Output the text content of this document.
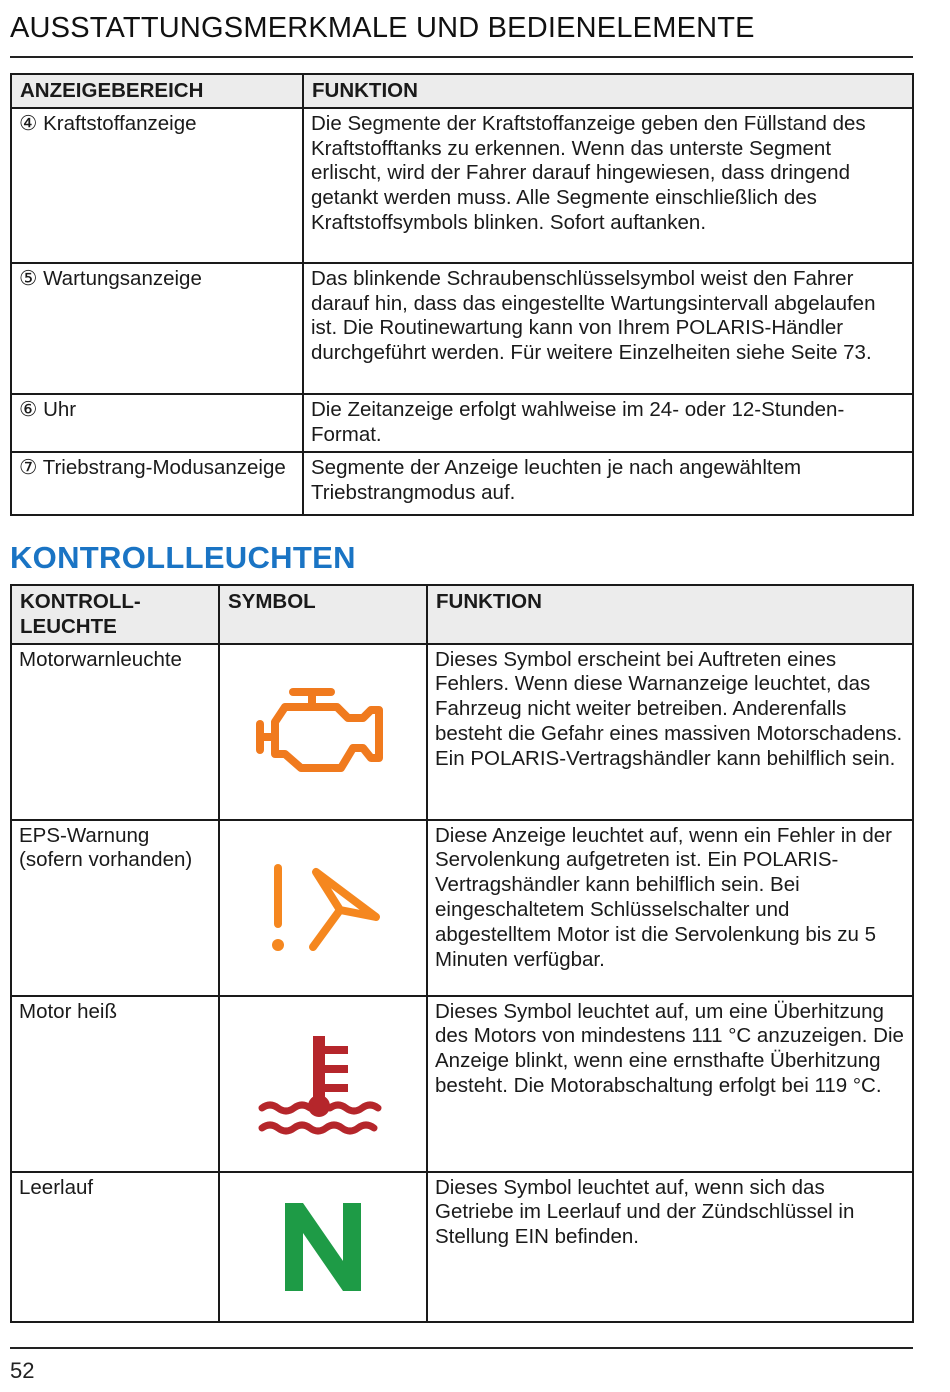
AUSSTATTUNGSMERKMALE UND BEDIENELEMENTE
ANZEIGEBEREICH	FUNKTION
④ Kraftstoffanzeige	Die Segmente der Kraftstoffanzeige geben den Füllstand des Kraftstofftanks zu erkennen. Wenn das unterste Segment erlischt, wird der Fahrer darauf hingewiesen, dass dringend getankt werden muss. Alle Segmente einschließlich des Kraftstoffsymbols blinken. Sofort auftanken.
⑤ Wartungsanzeige	Das blinkende Schraubenschlüsselsymbol weist den Fahrer darauf hin, dass das eingestellte Wartungsintervall abgelaufen ist. Die Routinewartung kann von Ihrem POLARIS-Händler durchgeführt werden. Für weitere Einzelheiten siehe Seite 73.
⑥ Uhr	Die Zeitanzeige erfolgt wahlweise im 24- oder 12-Stunden-Format.
⑦ Triebstrang-Modusanzeige	Segmente der Anzeige leuchten je nach angewähltem Triebstrangmodus auf.
KONTROLLLEUCHTEN
KONTROLL-LEUCHTE	SYMBOL	FUNKTION
Motorwarnleuchte		Dieses Symbol erscheint bei Auftreten eines Fehlers. Wenn diese Warnanzeige leuchtet, das Fahrzeug nicht weiter betreiben. Anderenfalls besteht die Gefahr eines massiven Motorschadens. Ein POLARIS-Vertragshändler kann behilflich sein.
EPS-Warnung (sofern vorhanden)		Diese Anzeige leuchtet auf, wenn ein Fehler in der Servolenkung aufgetreten ist. Ein POLARIS-Vertragshändler kann behilflich sein. Bei eingeschaltetem Schlüsselschalter und abgestelltem Motor ist die Servolenkung bis zu 5 Minuten verfügbar.
Motor heiß		Dieses Symbol leuchtet auf, um eine Überhitzung des Motors von mindestens 111 °C anzuzeigen. Die Anzeige blinkt, wenn eine ernsthafte Überhitzung besteht. Die Motorabschaltung erfolgt bei 119 °C.
Leerlauf		Dieses Symbol leuchtet auf, wenn sich das Getriebe im Leerlauf und der Zündschlüssel in Stellung EIN befinden.
52
